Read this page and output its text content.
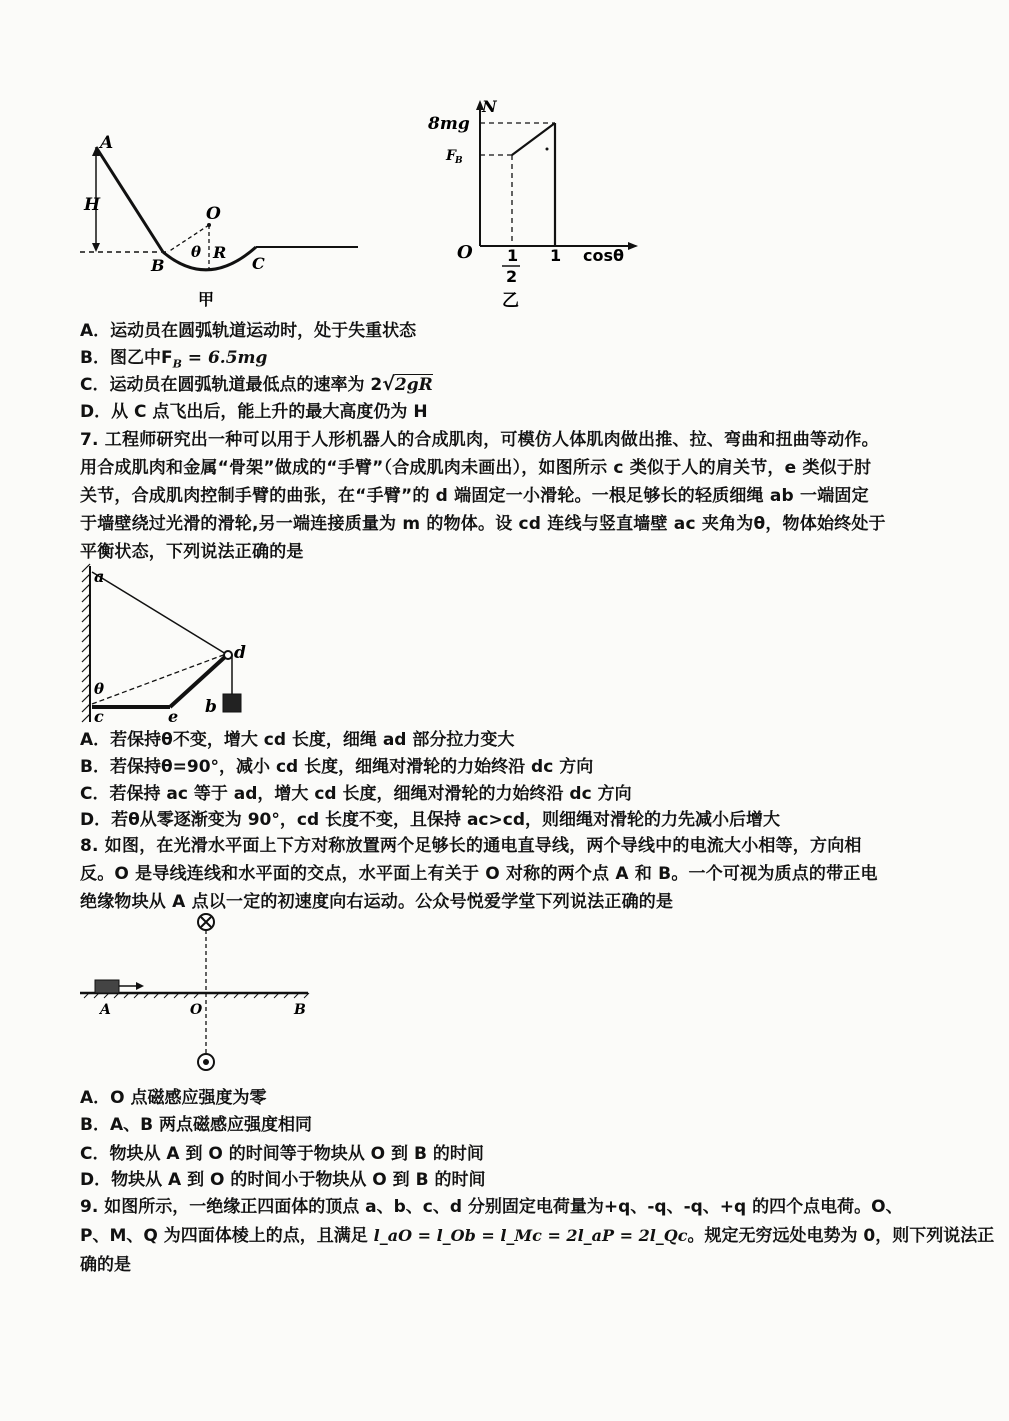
A
H	O
θ R
B	C
甲
8mg
N
F B
O 1
2
1 cosθ
乙
A．运动员在圆弧轨道运动时，处于失重状态
B．图乙中$F_B = 6.5mg$
C．运动员在圆弧轨道最低点的速率为 2√2gR
D．从 C 点飞出后，能上升的最大高度仍为 H
7. 工程师研究出一种可以用于人形机器人的合成肌肉，可模仿人体肌肉做出推、拉、弯曲和扭曲等动作。
用合成肌肉和金属“骨架”做成的“手臂”（合成肌肉未画出），如图所示 c 类似于人的肩关节，e 类似于肘
关节，合成肌肉控制手臂的曲张，在“手臂”的 d 端固定一小滑轮。一根足够长的轻质细绳 ab 一端固定
于墙壁绕过光滑的滑轮,另一端连接质量为 m 的物体。设 cd 连线与竖直墙壁 ac 夹角为θ，物体始终处于
平衡状态，下列说法正确的是
a
d
θ
b
c	e
A．若保持θ不变，增大 cd 长度，细绳 ad 部分拉力变大
B．若保持θ=90°，减小 cd 长度，细绳对滑轮的力始终沿 dc 方向
C．若保持 ac 等于 ad，增大 cd 长度，细绳对滑轮的力始终沿 dc 方向
D．若θ从零逐渐变为 90°，cd 长度不变，且保持 ac>cd，则细绳对滑轮的力先减小后增大
8. 如图，在光滑水平面上下方对称放置两个足够长的通电直导线，两个导线中的电流大小相等，方向相
反。O 是导线连线和水平面的交点，水平面上有关于 O 对称的两个点 A 和 B。一个可视为质点的带正电
绝缘物块从 A 点以一定的初速度向右运动。公众号悦爱学堂下列说法正确的是
A	O	B
A．O 点磁感应强度为零
B．A、B 两点磁感应强度相同
C．物块从 A 到 O 的时间等于物块从 O 到 B 的时间
D．物块从 A 到 O 的时间小于物块从 O 到 B 的时间
9. 如图所示，一绝缘正四面体的顶点 a、b、c、d 分别固定电荷量为+q、-q、-q、+q 的四个点电荷。O、
P、M、Q 为四面体棱上的点，且满足 l_aO = l_Ob = l_Mc = 2l_aP = 2l_Qc。规定无穷远处电势为 0，则下列说法正
确的是
